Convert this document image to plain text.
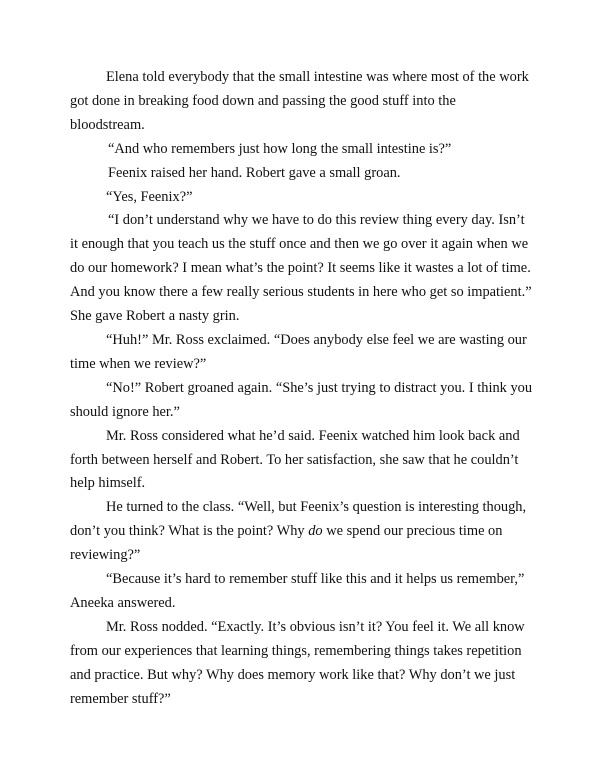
Elena told everybody that the small intestine was where most of the work got done in breaking food down and passing the good stuff into the bloodstream.

“And who remembers just how long the small intestine is?”

Feenix raised her hand. Robert gave a small groan.

“Yes, Feenix?”

“I don’t understand why we have to do this review thing every day. Isn’t it enough that you teach us the stuff once and then we go over it again when we do our homework? I mean what’s the point? It seems like it wastes a lot of time. And you know there a few really serious students in here who get so impatient.” She gave Robert a nasty grin.

“Huh!” Mr. Ross exclaimed. “Does anybody else feel we are wasting our time when we review?”

“No!” Robert groaned again. “She’s just trying to distract you. I think you should ignore her.”

Mr. Ross considered what he’d said. Feenix watched him look back and forth between herself and Robert. To her satisfaction, she saw that he couldn’t help himself.

He turned to the class. “Well, but Feenix’s question is interesting though, don’t you think? What is the point? Why do we spend our precious time on reviewing?”

“Because it’s hard to remember stuff like this and it helps us remember,” Aneeka answered.

Mr. Ross nodded. “Exactly. It’s obvious isn’t it? You feel it. We all know from our experiences that learning things, remembering things takes repetition and practice. But why? Why does memory work like that? Why don’t we just remember stuff?”
